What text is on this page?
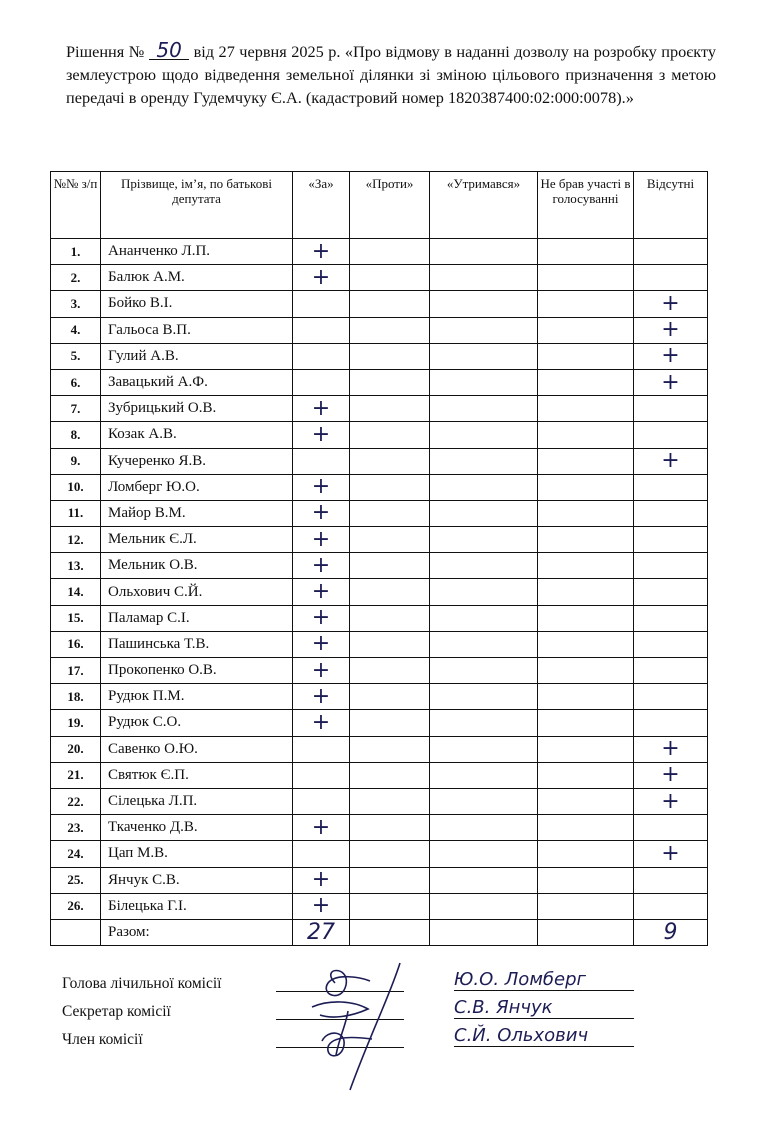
Рішення № 50 від 27 червня 2025 р. «Про відмову в наданні дозволу на розробку проєкту землеустрою щодо відведення земельної ділянки зі зміною цільового призначення з метою передачі в оренду Гудемчуку Є.А. (кадастровий номер 1820387400:02:000:0078).»
№№ з/п	Прізвище, ім’я, по батькові депутата	«За»	«Проти»	«Утримався»	Не брав участі в голосуванні	Відсутні
1.	Ананченко Л.П.	+				
2.	Балюк А.М.	+				
3.	Бойко В.І.					+
4.	Гальоса В.П.					+
5.	Гулий А.В.					+
6.	Завацький А.Ф.					+
7.	Зубрицький О.В.	+				
8.	Козак А.В.	+				
9.	Кучеренко Я.В.					+
10.	Ломберг Ю.О.	+				
11.	Майор В.М.	+				
12.	Мельник Є.Л.	+				
13.	Мельник О.В.	+				
14.	Ольхович С.Й.	+				
15.	Паламар С.І.	+				
16.	Пашинська Т.В.	+				
17.	Прокопенко О.В.	+				
18.	Рудюк П.М.	+				
19.	Рудюк С.О.	+				
20.	Савенко О.Ю.					+
21.	Святюк Є.П.					+
22.	Сілецька Л.П.					+
23.	Ткаченко Д.В.	+				
24.	Цап М.В.					+
25.	Янчук С.В.	+				
26.	Білецька Г.І.	+				
	Разом:	27				9
Голова лічильної комісії	Ю.О. Ломберг
Секретар комісії	С.В. Янчук
Член комісії	С.Й. Ольхович
